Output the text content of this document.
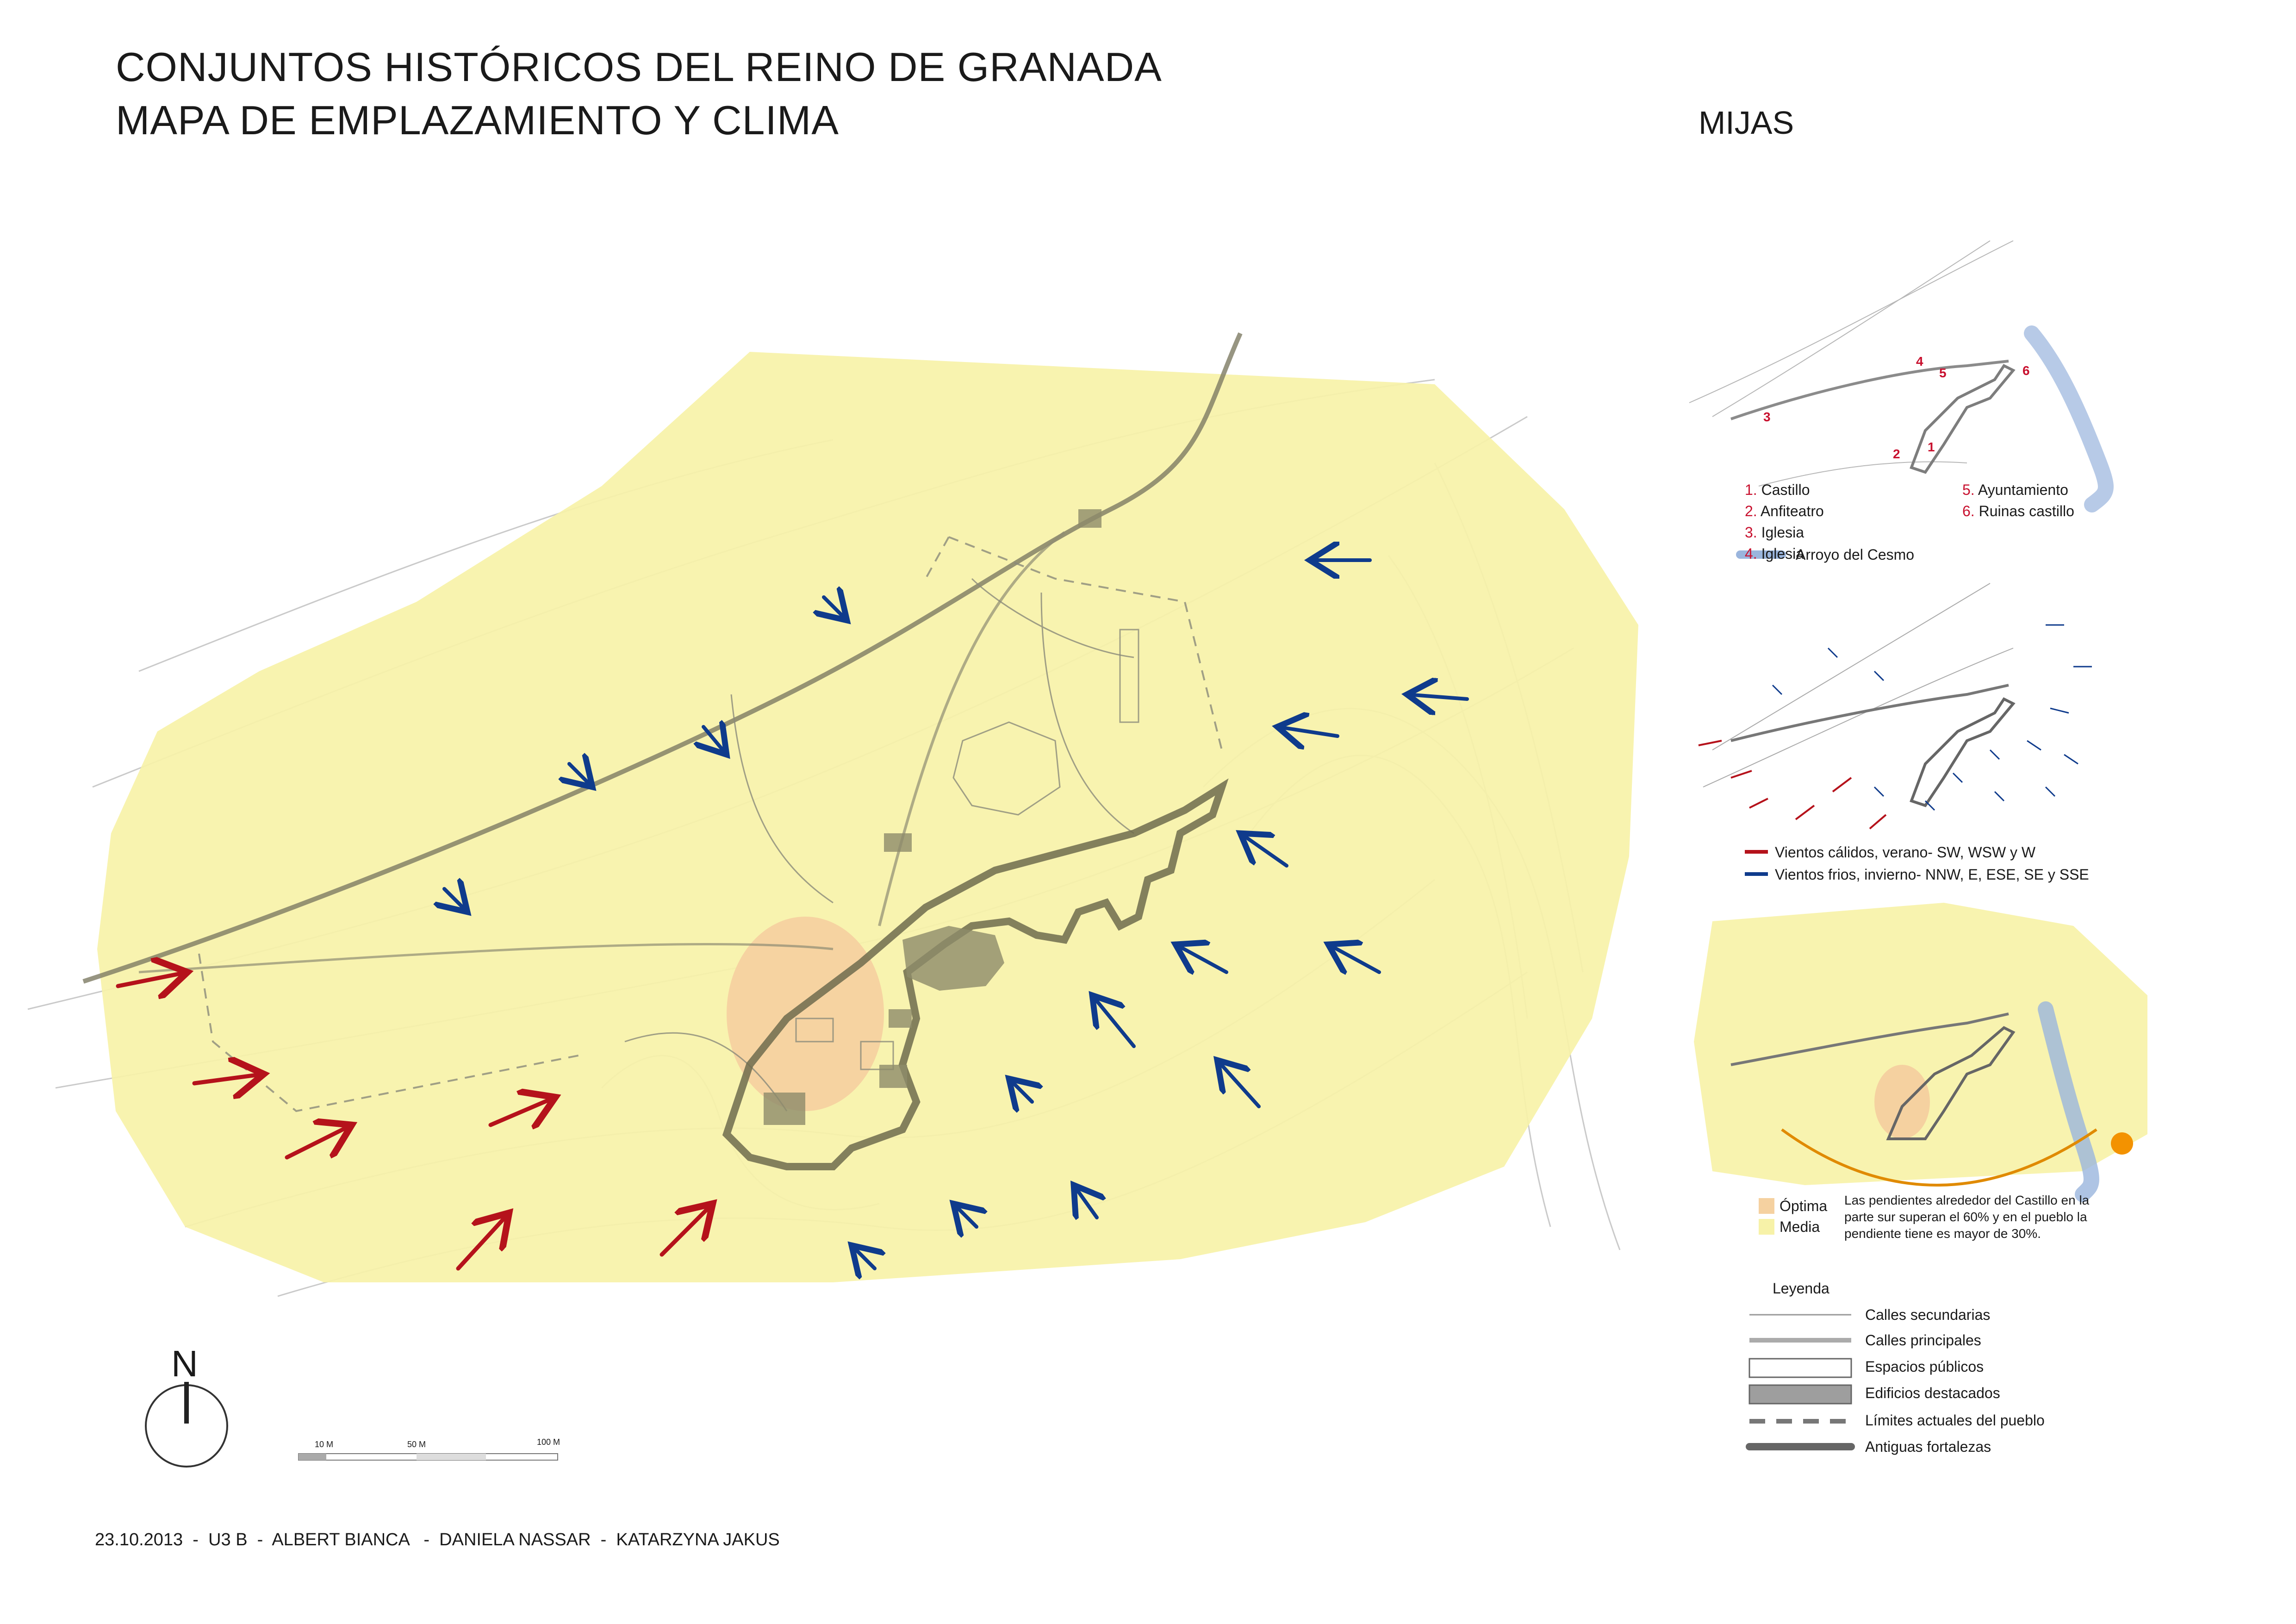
CONJUNTOS HISTÓRICOS DEL REINO DE GRANADA
MAPA DE EMPLAZAMIENTO Y CLIMA	MIJAS
N
10 M	50 M	100 M
1
2
3
4
5	6
1. Castillo
2. Anfiteatro
3. Iglesia
4. Iglesia
5. Ayuntamiento
6. Ruinas castillo
Arroyo del Cesmo
Vientos cálidos, verano- SW, WSW y W
Vientos frios, invierno- NNW, E, ESE, SE y SSE
Óptima
Media
Las pendientes alrededor del Castillo en la parte sur superan el 60% y en el pueblo la pendiente tiene es mayor de 30%.
Leyenda
Calles secundarias
Calles principales
Espacios públicos
Edificios destacados
Límites actuales del pueblo
Antiguas fortalezas
23.10.2013  -  U3 B  -  ALBERT BIANCA   -  DANIELA NASSAR  -  KATARZYNA JAKUS
